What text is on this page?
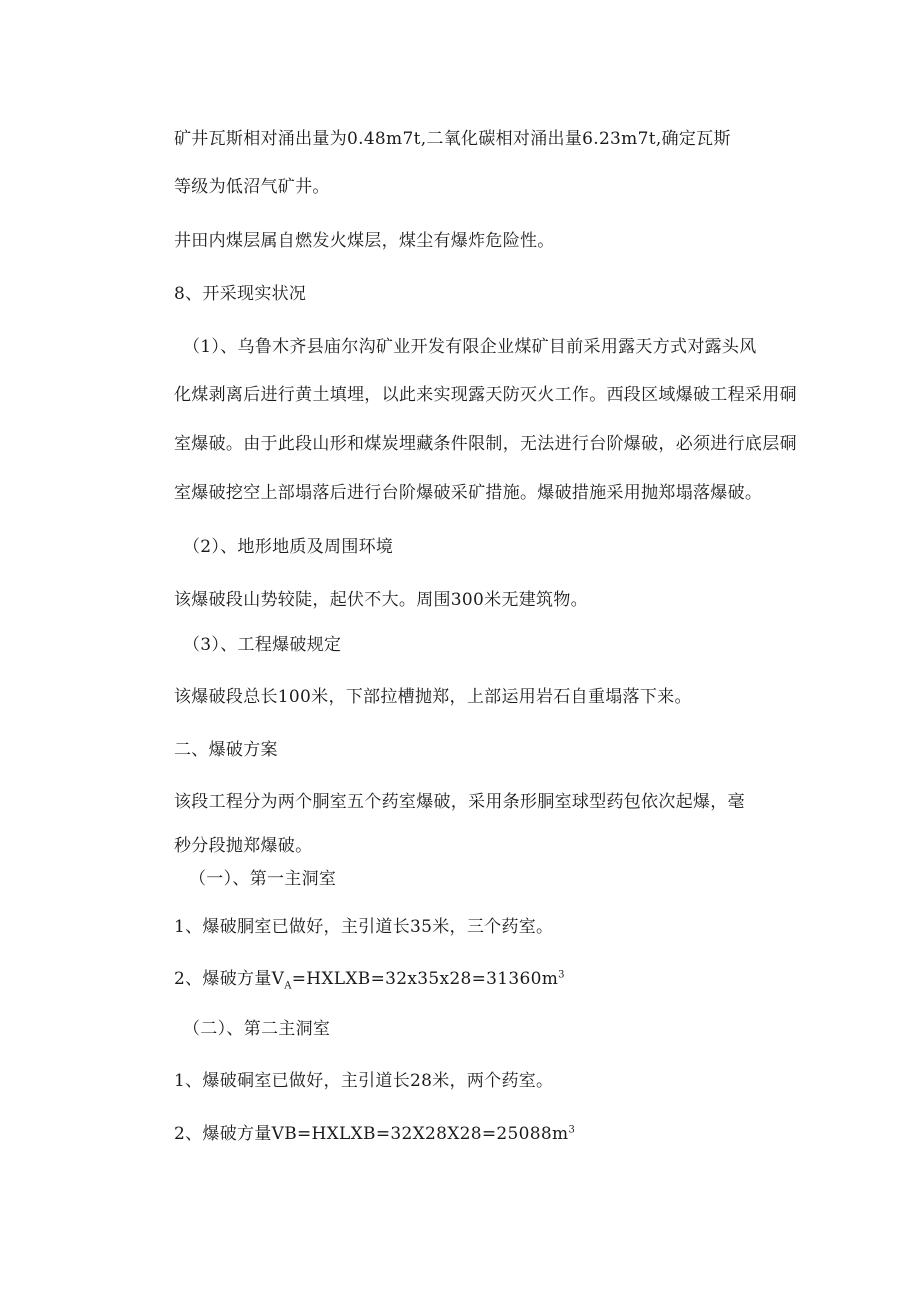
矿井瓦斯相对涌出量为0.48m7t,二氧化碳相对涌出量6.23m7t,确定瓦斯
等级为低沼气矿井。
井田内煤层属自燃发火煤层，煤尘有爆炸危险性。
8、开采现实状况
（1）、乌鲁木齐县庙尔沟矿业开发有限企业煤矿目前采用露天方式对露头风
化煤剥离后进行黄土填埋，以此来实现露天防灭火工作。西段区域爆破工程采用硐
室爆破。由于此段山形和煤炭埋藏条件限制，无法进行台阶爆破，必须进行底层硐
室爆破挖空上部塌落后进行台阶爆破采矿措施。爆破措施采用抛郑塌落爆破。
（2）、地形地质及周围环境
该爆破段山势较陡，起伏不大。周围300米无建筑物。
（3）、工程爆破规定
该爆破段总长100米，下部拉槽抛郑，上部运用岩石自重塌落下来。
二、爆破方案
该段工程分为两个胴室五个药室爆破，采用条形胴室球型药包依次起爆，毫
秒分段抛郑爆破。
（一）、第一主洞室
1、爆破胴室已做好，主引道长35米，三个药室。
2、爆破方量$V_A=HXLXB=32x35x28=31360m^3$
（二）、第二主洞室
1、爆破硐室已做好，主引道长28米，两个药室。
2、爆破方量$VB=HXLXB=32X28X28=25088m^3$
